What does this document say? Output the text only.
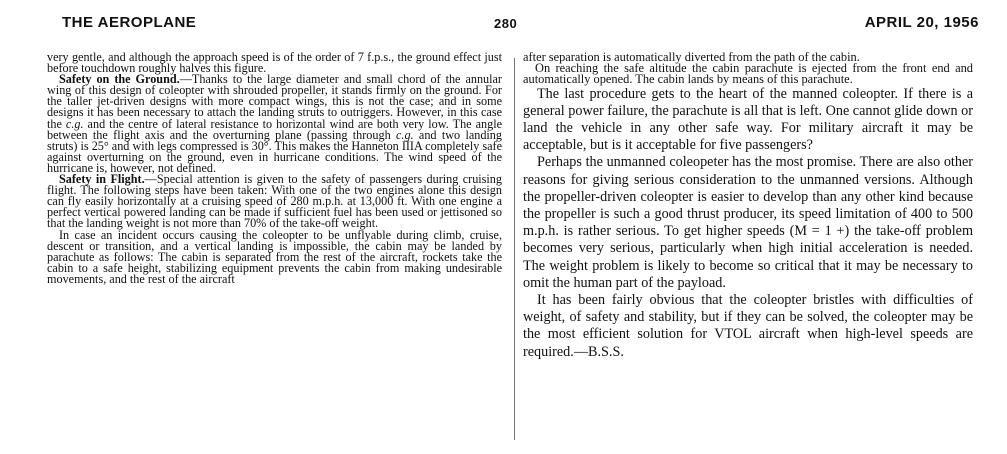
THE AEROPLANE	280	APRIL 20, 1956

very gentle, and although the approach speed is of the order of 7 f.p.s., the ground effect just before touchdown roughly halves this figure.

Safety on the Ground.—Thanks to the large diameter and small chord of the annular wing of this design of coleopter with shrouded propeller, it stands firmly on the ground. For the taller jet-driven designs with more compact wings, this is not the case; and in some designs it has been necessary to attach the landing struts to outriggers. However, in this case the c.g. and the centre of lateral resistance to horizontal wind are both very low. The angle between the flight axis and the overturning plane (passing through c.g. and two landing struts) is 25° and with legs compressed is 30°. This makes the Hanneton IIIA completely safe against overturning on the ground, even in hurricane conditions. The wind speed of the hurricane is, however, not defined.

Safety in Flight.—Special attention is given to the safety of passengers during cruising flight. The following steps have been taken: With one of the two engines alone this design can fly easily horizontally at a cruising speed of 280 m.p.h. at 13,000 ft. With one engine a perfect vertical powered landing can be made if sufficient fuel has been used or jettisoned so that the landing weight is not more than 70% of the take-off weight.

In case an incident occurs causing the coleopter to be unflyable during climb, cruise, descent or transition, and a vertical landing is impossible, the cabin may be landed by parachute as follows: The cabin is separated from the rest of the aircraft, rockets take the cabin to a safe height, stabilizing equipment prevents the cabin from making undesirable movements, and the rest of the aircraft

after separation is automatically diverted from the path of the cabin.

On reaching the safe altitude the cabin parachute is ejected from the front end and automatically opened. The cabin lands by means of this parachute.

The last procedure gets to the heart of the manned coleopter. If there is a general power failure, the parachute is all that is left. One cannot glide down or land the vehicle in any other safe way. For military aircraft it may be acceptable, but is it acceptable for five passengers?

Perhaps the unmanned coleopeter has the most promise. There are also other reasons for giving serious consideration to the unmanned versions. Although the propeller-driven coleopter is easier to develop than any other kind because the propeller is such a good thrust producer, its speed limitation of 400 to 500 m.p.h. is rather serious. To get higher speeds (M = 1 +) the take-off problem becomes very serious, particularly when high initial acceleration is needed. The weight problem is likely to become so critical that it may be necessary to omit the human part of the payload.

It has been fairly obvious that the coleopter bristles with difficulties of weight, of safety and stability, but if they can be solved, the coleopter may be the most efficient solution for VTOL aircraft when high-level speeds are required.—B.S.S.
